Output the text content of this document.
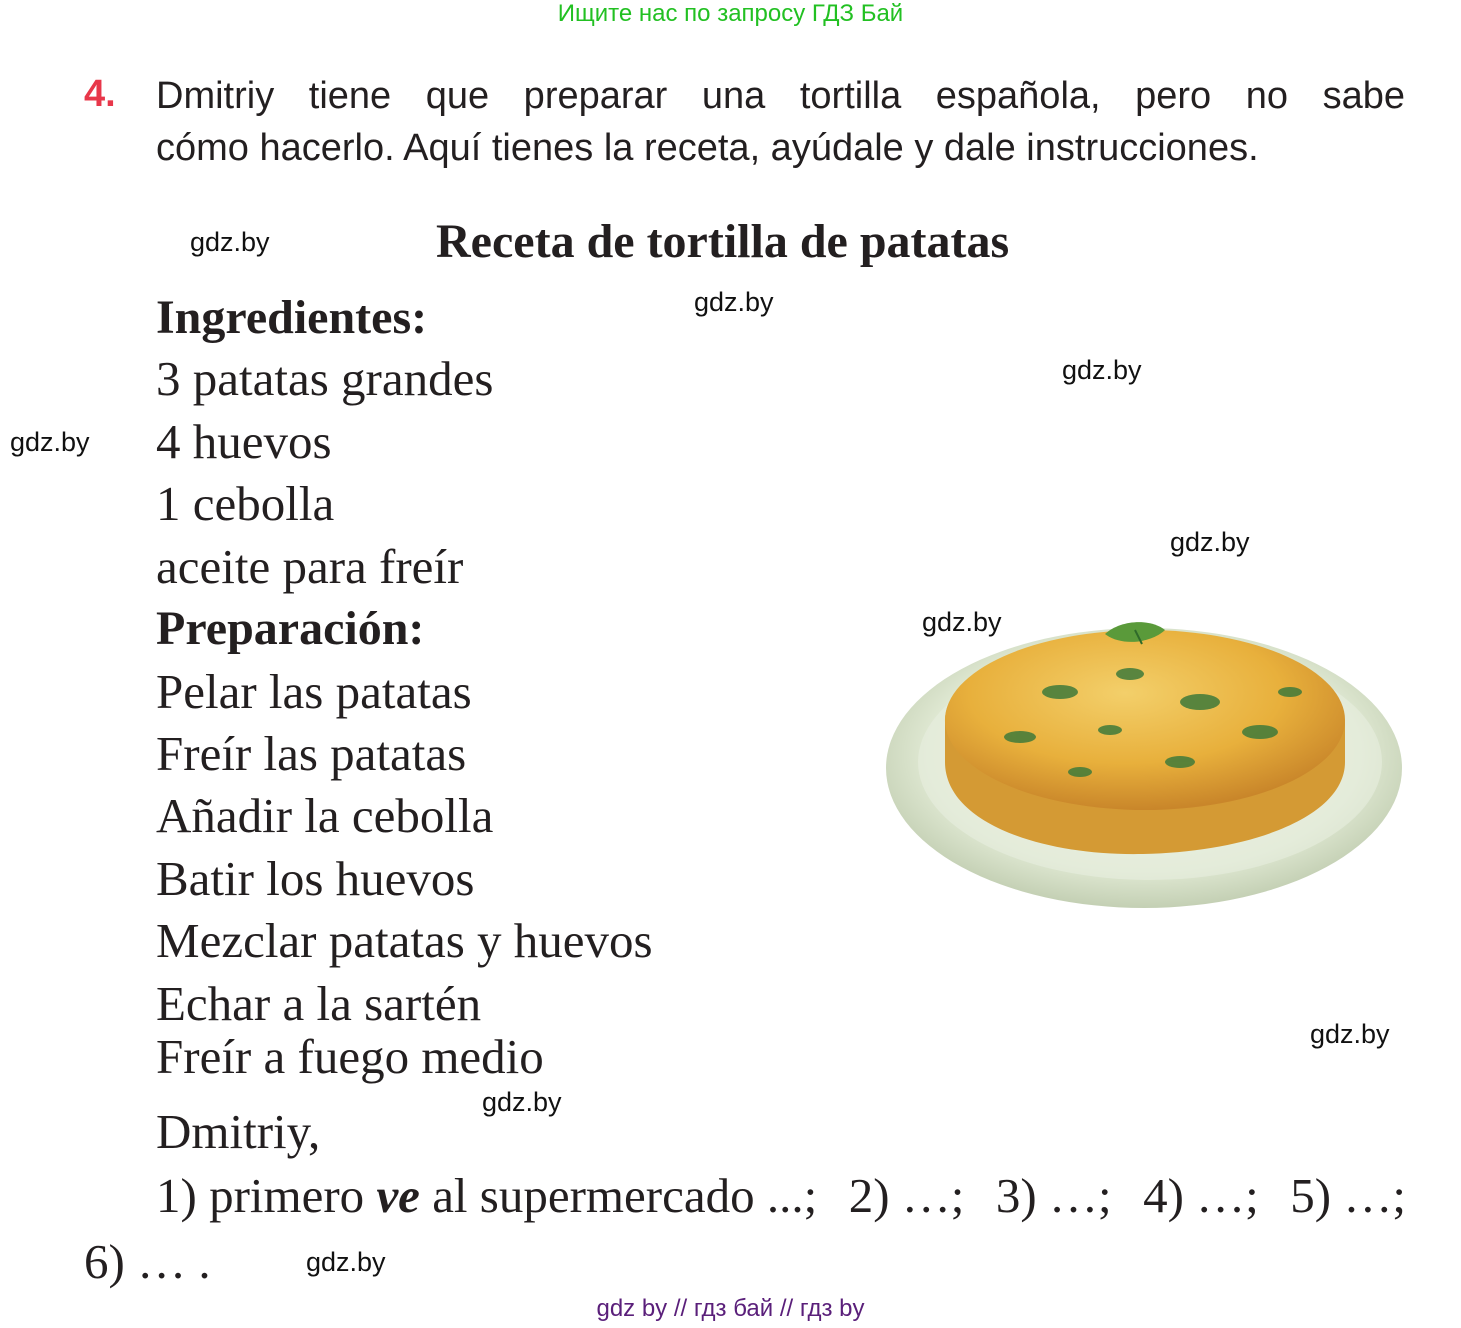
Ищите нас по запросу ГДЗ Бай
4. Dmitriy tiene que preparar una tortilla española, pero no sabe
cómo hacerlo. Aquí tienes la receta, ayúdale y dale instrucciones.
Receta de tortilla de patatas
Ingredientes:
3 patatas grandes
4 huevos
1 cebolla
aceite para freír
Preparación:
Pelar las patatas
Freír las patatas
Añadir la cebolla
Batir los huevos
Mezclar patatas y huevos
Echar a la sartén
Freír a fuego medio
Dmitriy,
1) primero ve al supermercado ...; 2) …; 3) …; 4) …; 5) …;
6) … .
gdz.by
gdz.by
gdz.by
gdz.by
gdz.by
gdz.by
gdz.by
gdz.by
gdz.by
gdz by // гдз бай // гдз by
